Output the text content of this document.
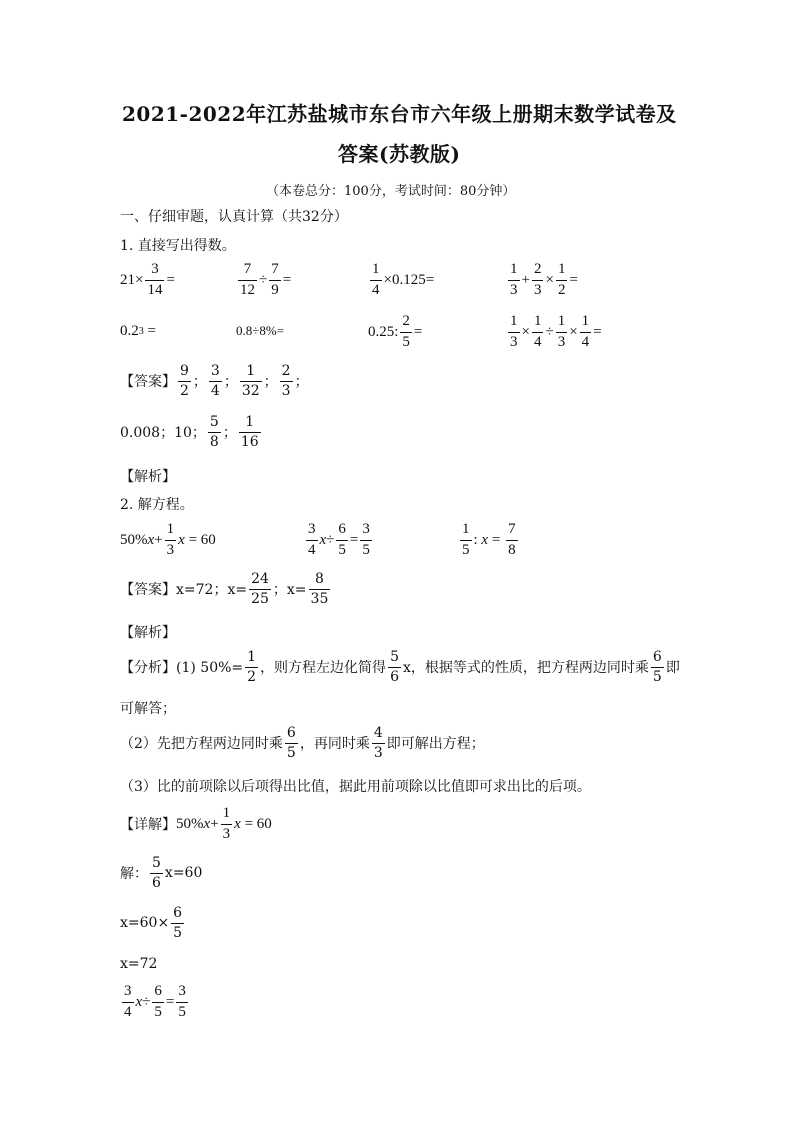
2021-2022年江苏盐城市东台市六年级上册期末数学试卷及
答案(苏教版)
（本卷总分：100分，考试时间：80分钟）
一、仔细审题，认真计算（共32分）
1. 直接写出得数。
21×
3
14
=
7
12
÷
7
9
=
1
4
×0.125=
1
3
+
2
3
×
1
2
=
0.2 3 =	0.8÷8%=	0.25:
2
5
=
1
3
×
1
4
÷
1
3
×
1
4
=
【答案】
9
2
；
3
4
；
1
32
；
2
3
；
0.008；10；
5
8
；
1
16
【解析】
2. 解方程。
50% x +
1
3
x = 60
3
4
x ÷
6
5
=
3
5
1
5
: x =
7
8
【答案】x=72；$x= \frac{24}{25}$ ；x=
8
35
【解析】
【分析】(1) $50\%= \frac{1}{2}$ ，则方程左边化简得
5
6
x，根据等式的性质，把方程两边同时乘
6
5
即
可解答；
（2）先把方程两边同时乘
6
5
，再同时乘
4
3
即可解出方程；
（3）比的前项除以后项得出比值，据此用前项除以比值即可求出比的后项。
【详解】 50% x +
1
3
x = 60
解：
5
6
x=60
$x=60\times \frac{6}{5}$
x=72
3
4
x ÷
6
5
=
3
5
